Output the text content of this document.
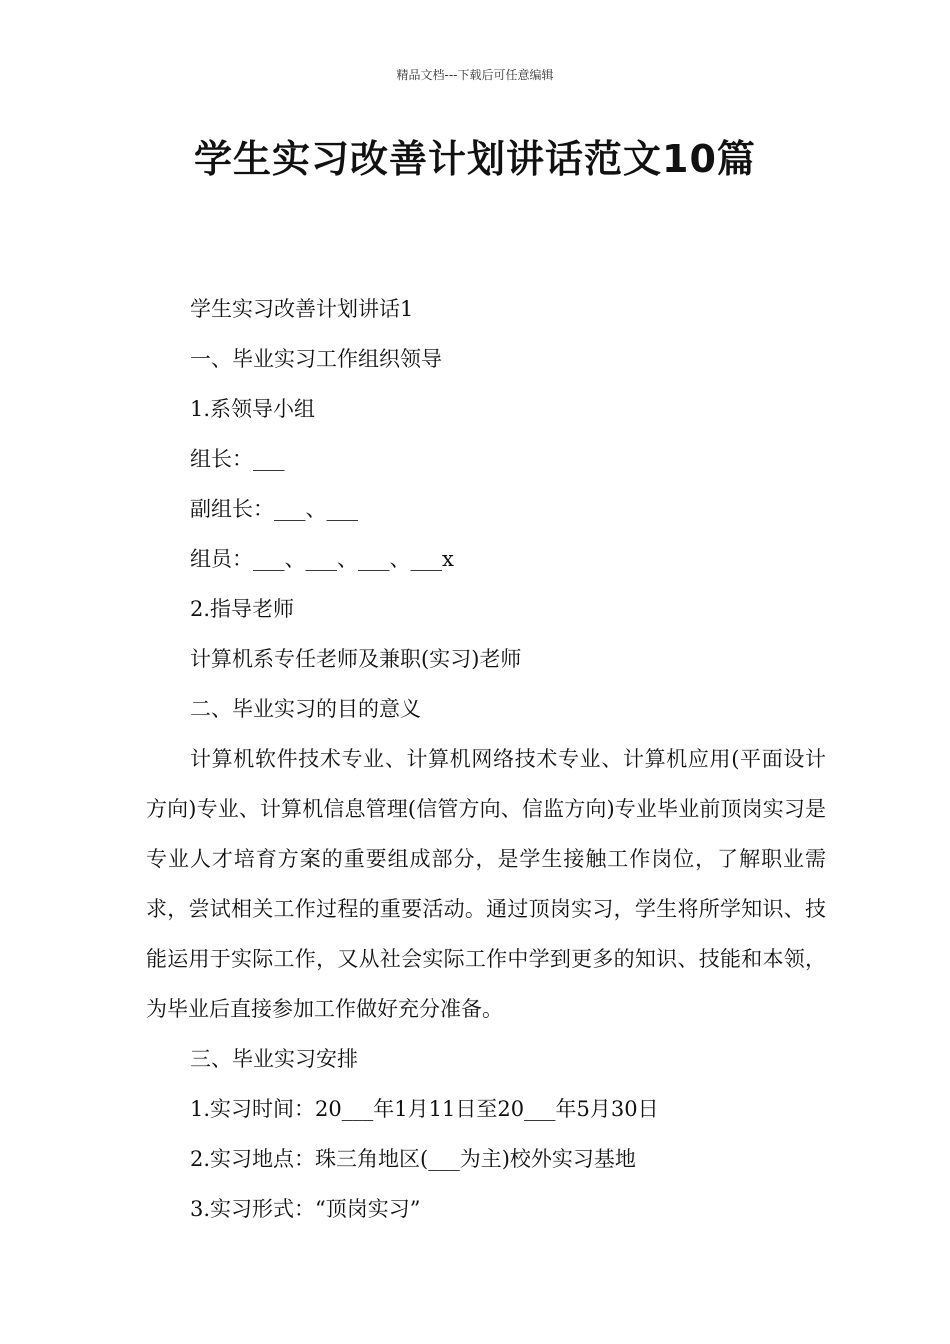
精品文档---下载后可任意编辑
学生实习改善计划讲话范文10篇
学生实习改善计划讲话1
一、毕业实习工作组织领导
1.系领导小组
组长：___
副组长：___、___
组员：___、___、___、___x
2.指导老师
计算机系专任老师及兼职(实习)老师
二、毕业实习的目的意义

计算机软件技术专业、计算机网络技术专业、计算机应用(平面设计方向)专业、计算机信息管理(信管方向、信监方向)专业毕业前顶岗实习是专业人才培育方案的重要组成部分，是学生接触工作岗位，了解职业需求，尝试相关工作过程的重要活动。通过顶岗实习，学生将所学知识、技能运用于实际工作，又从社会实际工作中学到更多的知识、技能和本领，为毕业后直接参加工作做好充分准备。

三、毕业实习安排
1.实习时间：20___年1月11日至20___年5月30日
2.实习地点：珠三角地区(___为主)校外实习基地
3.实习形式：“顶岗实习”
